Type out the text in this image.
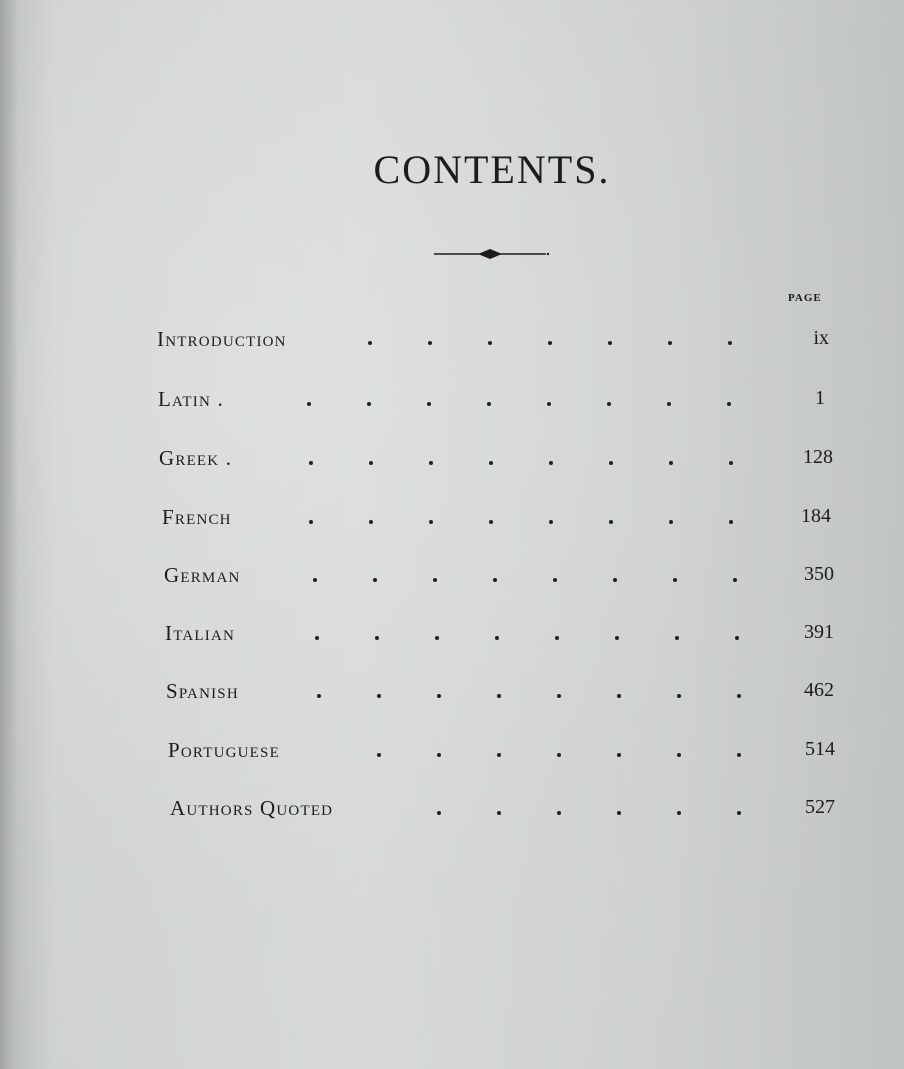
CONTENTS.
PAGE
Introduction	ix
Latin .	1
Greek .	128
French	184
German	350
Italian	391
Spanish	462
Portuguese	514
Authors Quoted	527
